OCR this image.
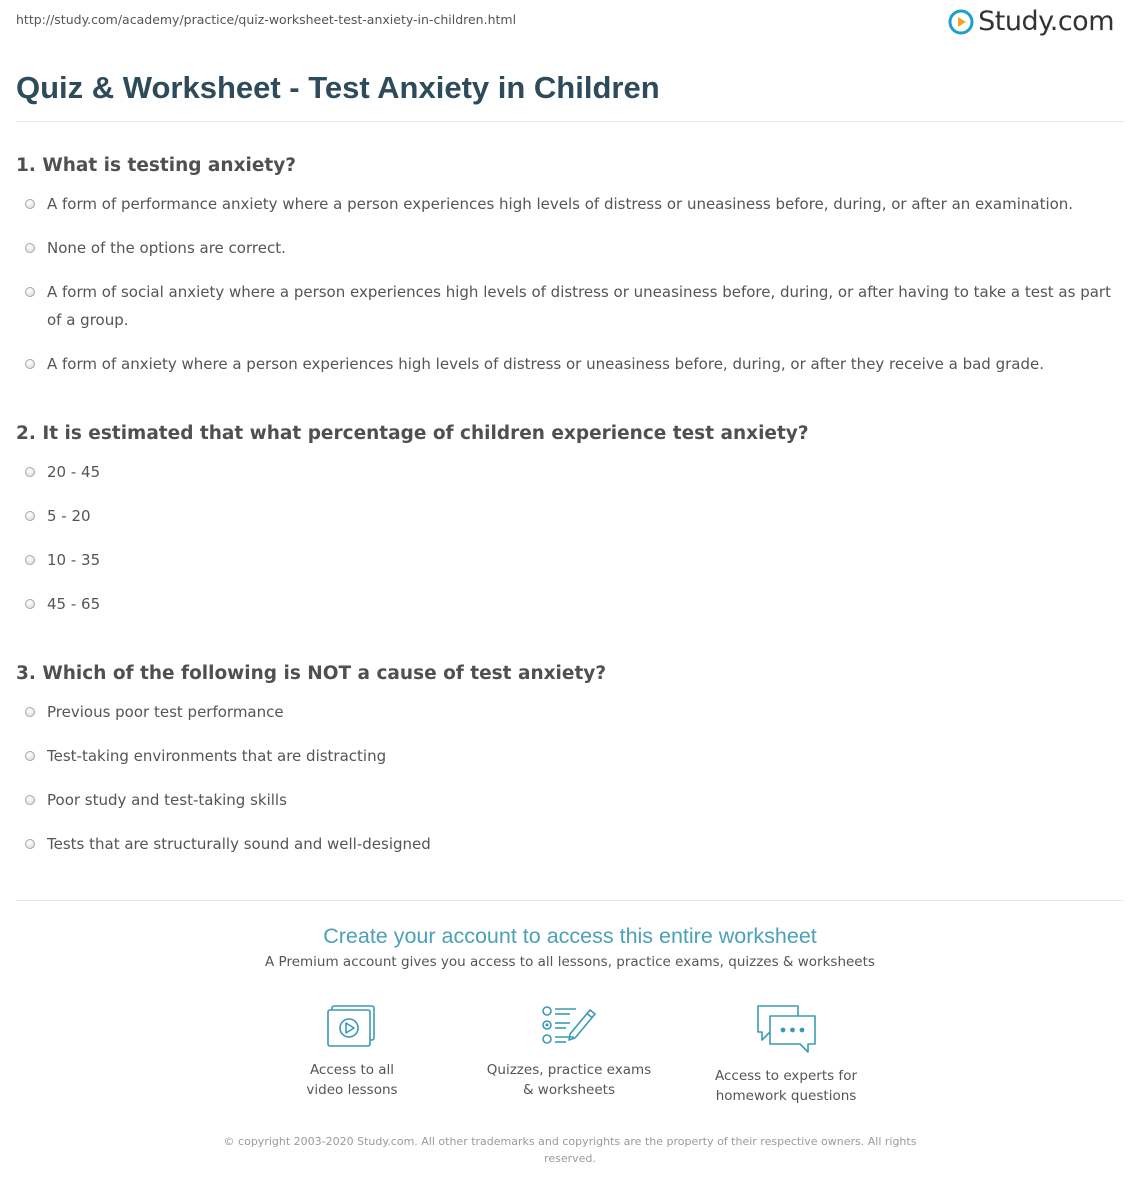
http://study.com/academy/practice/quiz-worksheet-test-anxiety-in-children.html	Study.com
Quiz & Worksheet - Test Anxiety in Children

1. What is testing anxiety?

A form of performance anxiety where a person experiences high levels of distress or uneasiness before, during, or after an examination.
None of the options are correct.
A form of social anxiety where a person experiences high levels of distress or uneasiness before, during, or after having to take a test as part of a group.
A form of anxiety where a person experiences high levels of distress or uneasiness before, during, or after they receive a bad grade.

2. It is estimated that what percentage of children experience test anxiety?

20 - 45
5 - 20
10 - 35
45 - 65

3. Which of the following is NOT a cause of test anxiety?

Previous poor test performance
Test-taking environments that are distracting
Poor study and test-taking skills
Tests that are structurally sound and well-designed
Create your account to access this entire worksheet
A Premium account gives you access to all lessons, practice exams, quizzes & worksheets
Access to all
video lessons
Quizzes, practice exams
& worksheets
Access to experts for
homework questions
© copyright 2003-2020 Study.com. All other trademarks and copyrights are the property of their respective owners. All rights reserved.
